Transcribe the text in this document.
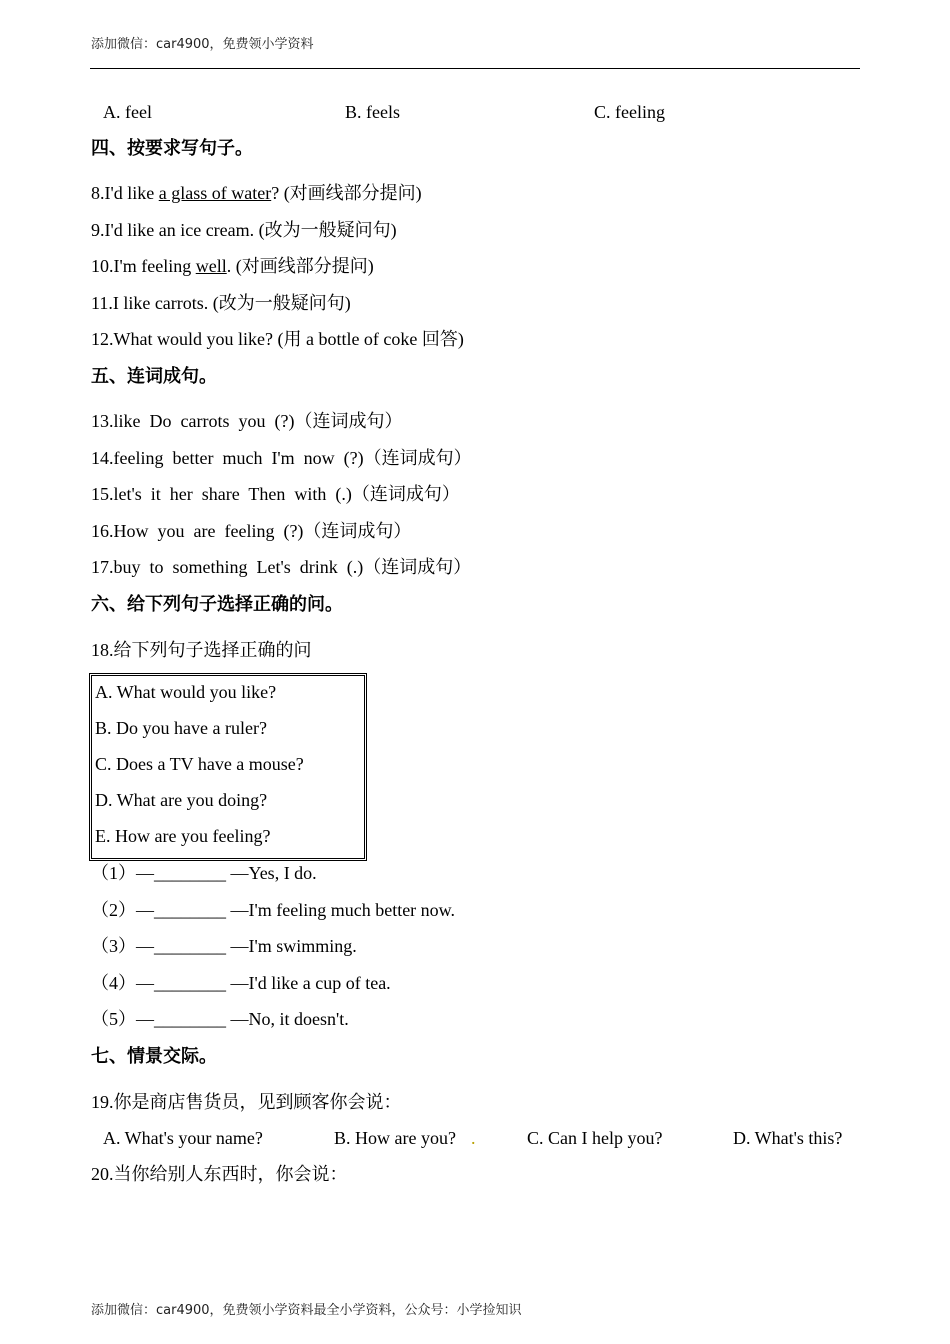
添加微信：car4900，免费领小学资料
A. feel	B. feels	C. feeling
四、按要求写句子。
8.I'd like a glass of water? (对画线部分提问)
9.I'd like an ice cream. (改为一般疑问句)
10.I'm feeling well. (对画线部分提问)
11.I like carrots. (改为一般疑问句)
12.What would you like? (用 a bottle of coke 回答)
五、连词成句。
13.like  Do  carrots  you  (?)（连词成句）
14.feeling  better  much  I'm  now  (?)（连词成句）
15.let's  it  her  share  Then  with  (.)（连词成句）
16.How  you  are  feeling  (?)（连词成句）
17.buy  to  something  Let's  drink  (.)（连词成句）
六、给下列句子选择正确的问。
18.给下列句子选择正确的问
A. What would you like?
B. Do you have a ruler?
C. Does a TV have a mouse?
D. What are you doing?
E. How are you feeling?
（1）—________ —Yes, I do.
（2）—________ —I'm feeling much better now.
（3）—________ —I'm swimming.
（4）—________ —I'd like a cup of tea.
（5）—________ —No, it doesn't.
七、情景交际。
19.你是商店售货员，见到顾客你会说：
A. What's your name?	B. How are you? .	C. Can I help you?	D. What's this?
20.当你给别人东西时，你会说：
添加微信：car4900，免费领小学资料最全小学资料，公众号：小学捡知识
